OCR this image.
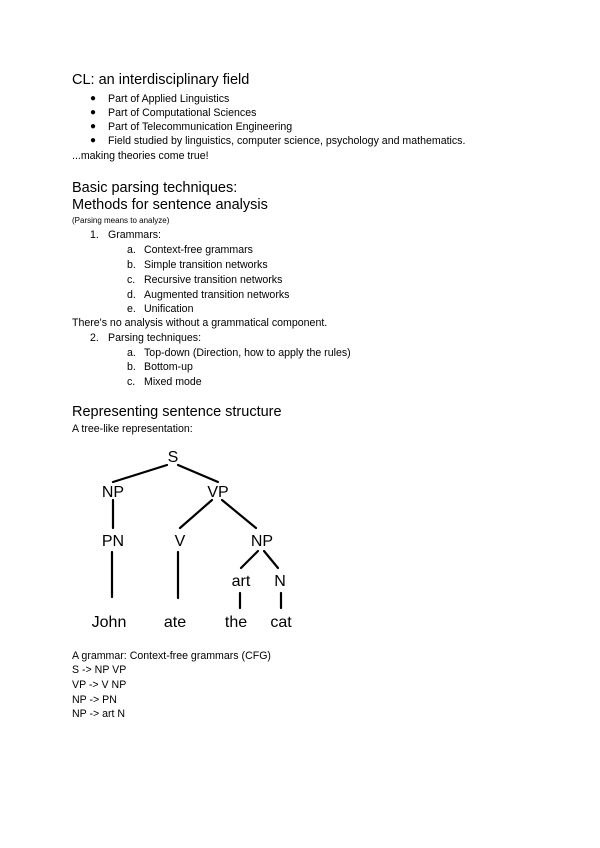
CL: an interdisciplinary field
● Part of Applied Linguistics
● Part of Computational Sciences
● Part of Telecommunication Engineering
● Field studied by linguistics, computer science, psychology and mathematics.
...making theories come true!
Basic parsing techniques:
Methods for sentence analysis
(Parsing means to analyze)
1. Grammars:
a. Context-free grammars
b. Simple transition networks
c. Recursive transition networks
d. Augmented transition networks
e. Unification
There's no analysis without a grammatical component.
2. Parsing techniques:
a. Top-down (Direction, how to apply the rules)
b. Bottom-up
c. Mixed mode
Representing sentence structure
A tree-like representation:
S
NP	VP
PN	V	NP
art N
John ate the cat
A grammar: Context-free grammars (CFG)
S -> NP VP
VP -> V NP
NP -> PN
NP -> art N
